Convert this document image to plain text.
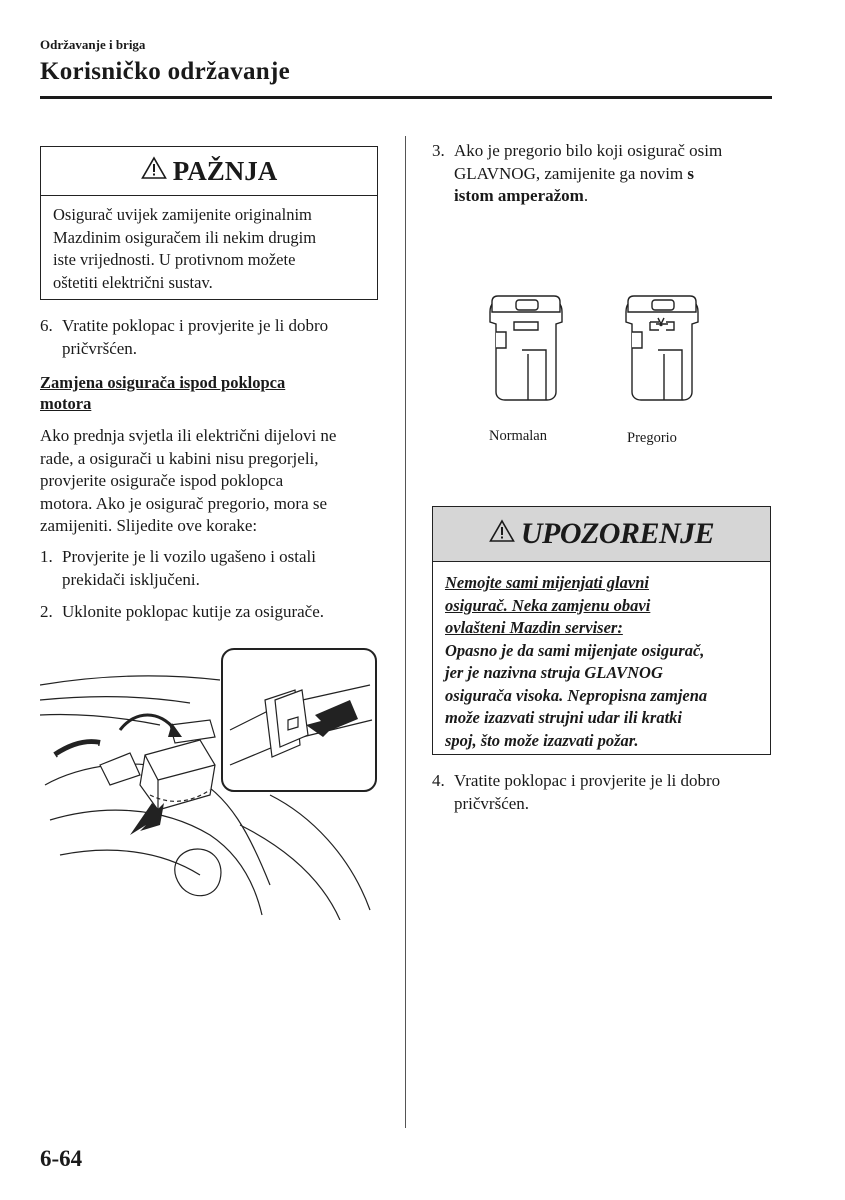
Održavanje i briga
Korisničko održavanje
PAŽNJA
Osigurač uvijek zamijenite originalnim
Mazdinim osiguračem ili nekim drugim
iste vrijednosti. U protivnom možete
oštetiti električni sustav.
6. Vratite poklopac i provjerite je li dobro
pričvršćen.
Zamjena osigurača ispod poklopca
motora
Ako prednja svjetla ili električni dijelovi ne
rade, a osigurači u kabini nisu pregorjeli,
provjerite osigurače ispod poklopca
motora. Ako je osigurač pregorio, mora se
zamijeniti. Slijedite ove korake:
1. Provjerite je li vozilo ugašeno i ostali
prekidači isključeni.
2. Uklonite poklopac kutije za osigurače.
3. Ako je pregorio bilo koji osigurač osim
GLAVNOG, zamijenite ga novim s
istom amperažom.
Normalan	Pregorio
UPOZORENJE
Nemojte sami mijenjati glavni
osigurač. Neka zamjenu obavi
ovlašteni Mazdin serviser:
Opasno je da sami mijenjate osigurač,
jer je nazivna struja GLAVNOG
osigurača visoka. Nepropisna zamjena
može izazvati strujni udar ili kratki
spoj, što može izazvati požar.
4. Vratite poklopac i provjerite je li dobro
pričvršćen.
6-64
